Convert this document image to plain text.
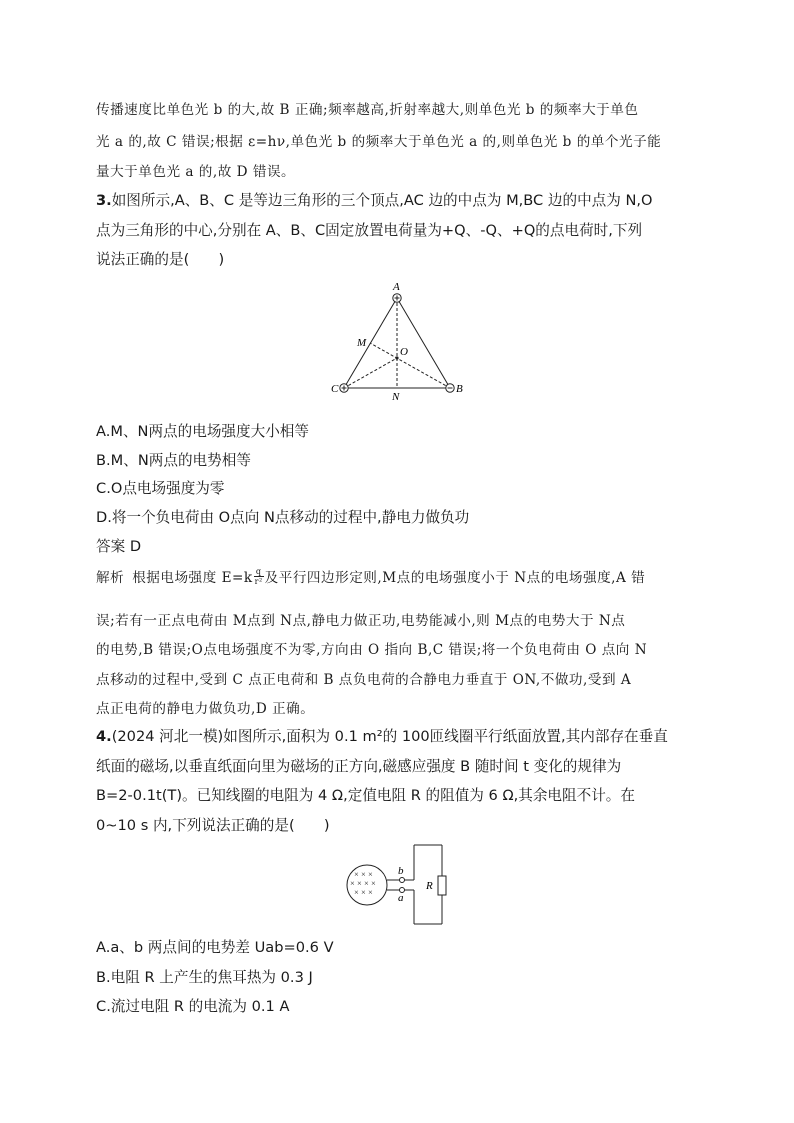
传播速度比单色光 b 的大,故 B 正确;频率越高,折射率越大,则单色光 b 的频率大于单色
光 a 的,故 C 错误;根据 ε=hν,单色光 b 的频率大于单色光 a 的,则单色光 b 的单个光子能
量大于单色光 a 的,故 D 错误。
3.如图所示,A、B、C 是等边三角形的三个顶点,AC 边的中点为 M,BC 边的中点为 N,O
点为三角形的中心,分别在 A、B、C固定放置电荷量为+Q、-Q、+Q的点电荷时,下列
说法正确的是(　　)
A
C	B
M
N
O
A.M、N两点的电场强度大小相等
B.M、N两点的电势相等
C.O点电场强度为零
D.将一个负电荷由 O点向 N点移动的过程中,静电力做负功
答案 D
解析 根据电场强度 $E=k \frac{q}{\text{r²}}$ 及平行四边形定则,M点的电场强度小于 N点的电场强度,A 错
误;若有一正点电荷由 M点到 N点,静电力做正功,电势能减小,则 M点的电势大于 N点
的电势,B 错误;O点电场强度不为零,方向由 O 指向 B,C 错误;将一个负电荷由 O 点向 N
点移动的过程中,受到 C 点正电荷和 B 点负电荷的合静电力垂直于 ON,不做功,受到 A
点正电荷的静电力做负功,D 正确。
4.(2024 河北一模)如图所示,面积为 0.1 m²的 100匝线圈平行纸面放置,其内部存在垂直
纸面的磁场,以垂直纸面向里为磁场的正方向,磁感应强度 B 随时间 t 变化的规律为
B=2-0.1t(T)。已知线圈的电阻为 4 Ω,定值电阻 R 的阻值为 6 Ω,其余电阻不计。在
0~10 s 内,下列说法正确的是(　　)
× × ×
× × × ×
× × ×
b
a
R
A.a、b 两点间的电势差 Uab=0.6 V
B.电阻 R 上产生的焦耳热为 0.3 J
C.流过电阻 R 的电流为 0.1 A
